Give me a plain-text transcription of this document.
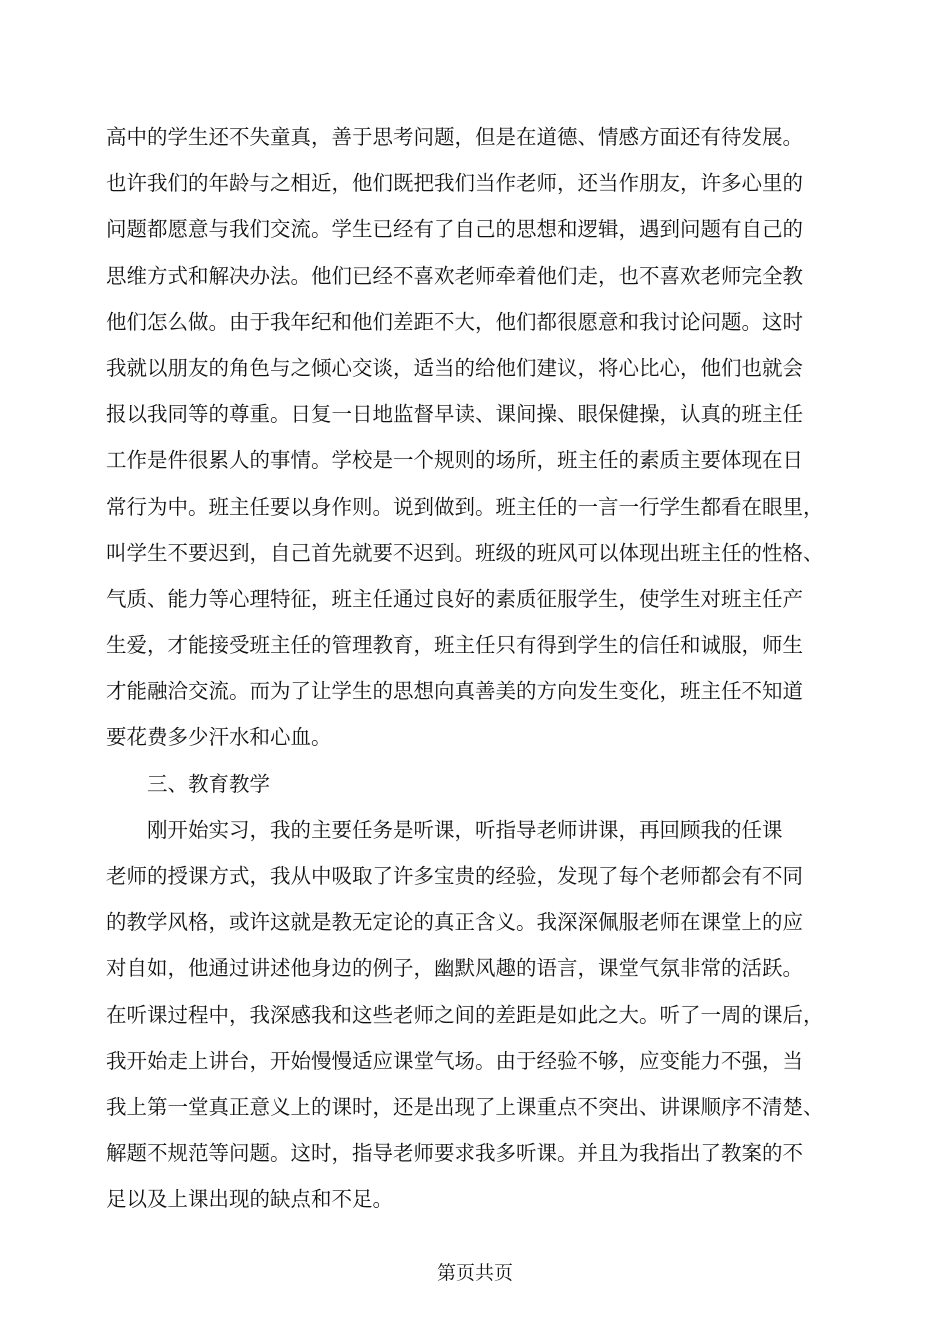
高中的学生还不失童真，善于思考问题，但是在道德、情感方面还有待发展。
也许我们的年龄与之相近，他们既把我们当作老师，还当作朋友，许多心里的
问题都愿意与我们交流。学生已经有了自己的思想和逻辑，遇到问题有自己的
思维方式和解决办法。他们已经不喜欢老师牵着他们走，也不喜欢老师完全教
他们怎么做。由于我年纪和他们差距不大，他们都很愿意和我讨论问题。这时
我就以朋友的角色与之倾心交谈，适当的给他们建议，将心比心，他们也就会
报以我同等的尊重。日复一日地监督早读、课间操、眼保健操，认真的班主任
工作是件很累人的事情。学校是一个规则的场所，班主任的素质主要体现在日
常行为中。班主任要以身作则。说到做到。班主任的一言一行学生都看在眼里，
叫学生不要迟到，自己首先就要不迟到。班级的班风可以体现出班主任的性格、
气质、能力等心理特征，班主任通过良好的素质征服学生，使学生对班主任产
生爱，才能接受班主任的管理教育，班主任只有得到学生的信任和诚服，师生
才能融洽交流。而为了让学生的思想向真善美的方向发生变化，班主任不知道
要花费多少汗水和心血。
三、教育教学
刚开始实习，我的主要任务是听课，听指导老师讲课，再回顾我的任课
老师的授课方式，我从中吸取了许多宝贵的经验，发现了每个老师都会有不同
的教学风格，或许这就是教无定论的真正含义。我深深佩服老师在课堂上的应
对自如，他通过讲述他身边的例子，幽默风趣的语言，课堂气氛非常的活跃。
在听课过程中，我深感我和这些老师之间的差距是如此之大。听了一周的课后，
我开始走上讲台，开始慢慢适应课堂气场。由于经验不够，应变能力不强，当
我上第一堂真正意义上的课时，还是出现了上课重点不突出、讲课顺序不清楚、
解题不规范等问题。这时，指导老师要求我多听课。并且为我指出了教案的不
足以及上课出现的缺点和不足。
第页共页
